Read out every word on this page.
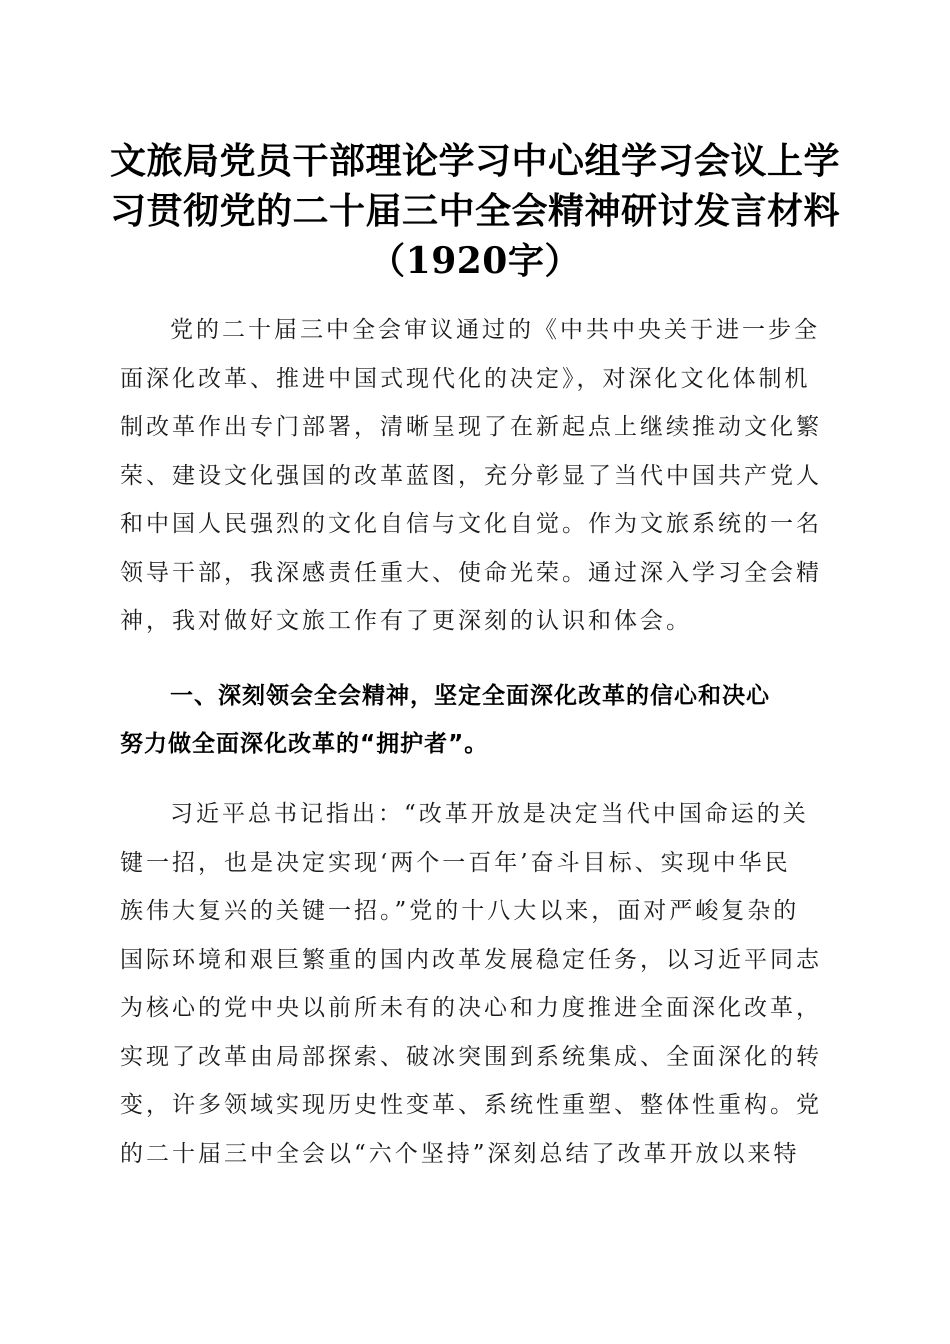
文旅局党员干部理论学习中心组学习会议上学
习贯彻党的二十届三中全会精神研讨发言材料
（1920字）
党的二十届三中全会审议通过的《中共中央关于进一步全
面深化改革、推进中国式现代化的决定》，对深化文化体制机
制改革作出专门部署，清晰呈现了在新起点上继续推动文化繁
荣、建设文化强国的改革蓝图，充分彰显了当代中国共产党人
和中国人民强烈的文化自信与文化自觉。作为文旅系统的一名
领导干部，我深感责任重大、使命光荣。通过深入学习全会精
神，我对做好文旅工作有了更深刻的认识和体会。
一、深刻领会全会精神，坚定全面深化改革的信心和决心
努力做全面深化改革的“拥护者”。
习近平总书记指出：“改革开放是决定当代中国命运的关
键一招，也是决定实现‘两个一百年’奋斗目标、实现中华民
族伟大复兴的关键一招。”党的十八大以来，面对严峻复杂的
国际环境和艰巨繁重的国内改革发展稳定任务，以习近平同志
为核心的党中央以前所未有的决心和力度推进全面深化改革，
实现了改革由局部探索、破冰突围到系统集成、全面深化的转
变，许多领域实现历史性变革、系统性重塑、整体性重构。党
的二十届三中全会以“六个坚持”深刻总结了改革开放以来特
